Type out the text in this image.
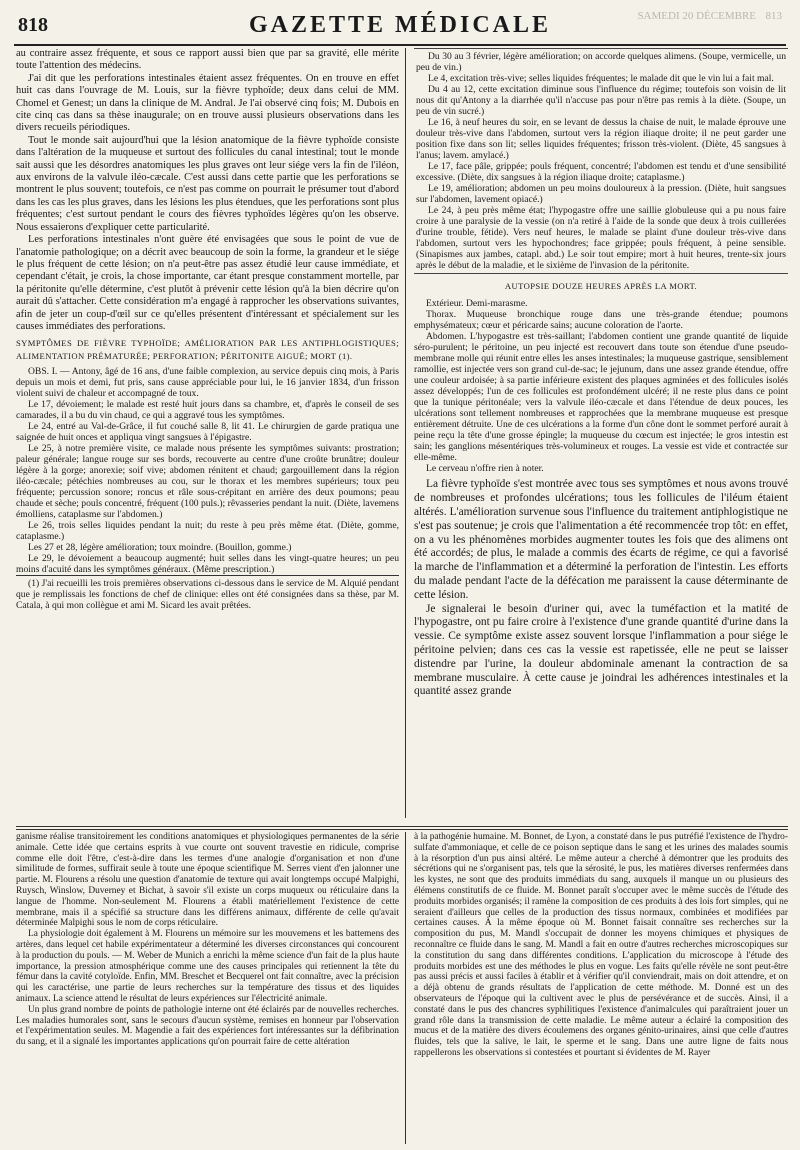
818	GAZETTE MÉDICALE	SAMEDI 20 DÉCEMBRE 813

au contraire assez fréquente, et sous ce rapport aussi bien que par sa gravité, elle mérite toute l'attention des médecins.

J'ai dit que les perforations intestinales étaient assez fréquentes. On en trouve en effet huit cas dans l'ouvrage de M. Louis, sur la fièvre typhoïde; deux dans celui de MM. Chomel et Genest; un dans la clinique de M. Andral. Je l'ai observé cinq fois; M. Dubois en cite cinq cas dans sa thèse inaugurale; on en trouve aussi plusieurs observations dans les divers recueils périodiques.

Tout le monde sait aujourd'hui que la lésion anatomique de la fièvre typhoïde consiste dans l'altération de la muqueuse et surtout des follicules du canal intestinal; tout le monde sait aussi que les désordres anatomiques les plus graves ont leur siége vers la fin de l'iléon, aux environs de la valvule iléo-cæcale. C'est aussi dans cette partie que les perforations se montrent le plus souvent; toutefois, ce n'est pas comme on pourrait le présumer tout d'abord dans les cas les plus graves, dans les lésions les plus étendues, que les perforations sont plus fréquentes; c'est surtout pendant le cours des fièvres typhoïdes légères qu'on les observe. Nous essaierons d'expliquer cette particularité.

Les perforations intestinales n'ont guère été envisagées que sous le point de vue de l'anatomie pathologique; on a décrit avec beaucoup de soin la forme, la grandeur et le siége le plus fréquent de cette lésion; on n'a peut-être pas assez étudié leur cause immédiate, et cependant c'était, je crois, la chose importante, car étant presque constamment mortelle, par la péritonite qu'elle détermine, c'est plutôt à prévenir cette lésion qu'à la bien décrire qu'on aurait dû s'attacher. Cette considération m'a engagé à rapprocher les observations suivantes, afin de jeter un coup-d'œil sur ce qu'elles présentent d'intéressant et spécialement sur les causes immédiates des perforations.

SYMPTÔMES DE FIÈVRE TYPHOÏDE; AMÉLIORATION PAR LES ANTIPHLOGISTIQUES; ALIMENTATION PRÉMATURÉE; PERFORATION; PÉRITONITE AIGUË; MORT (1).

OBS. I. — Antony, âgé de 16 ans, d'une faible complexion, au service depuis cinq mois, à Paris depuis un mois et demi, fut pris, sans cause appréciable pour lui, le 16 janvier 1834, d'un frisson violent suivi de chaleur et accompagné de toux.

Le 17, dévoiement; le malade est resté huit jours dans sa chambre, et, d'après le conseil de ses camarades, il a bu du vin chaud, ce qui a aggravé tous les symptômes.

Le 24, entré au Val-de-Grâce, il fut couché salle 8, lit 41. Le chirurgien de garde pratiqua une saignée de huit onces et appliqua vingt sangsues à l'épigastre.

Le 25, à notre première visite, ce malade nous présente les symptômes suivants: prostration; paleur générale; langue rouge sur ses bords, recouverte au centre d'une croûte brunâtre; douleur légère à la gorge; anorexie; soif vive; abdomen rénitent et chaud; gargouillement dans la région iléo-cæcale; pétéchies nombreuses au cou, sur le thorax et les membres supérieurs; toux peu fréquente; percussion sonore; roncus et râle sous-crépitant en arrière des deux poumons; peau chaude et sèche; pouls concentré, fréquent (100 puls.); rêvasseries pendant la nuit. (Diète, lavemens émolliens, cataplasme sur l'abdomen.)

Le 26, trois selles liquides pendant la nuit; du reste à peu près même état. (Diète, gomme, cataplasme.)

Les 27 et 28, légère amélioration; toux moindre. (Bouillon, gomme.)

Le 29, le dévoiement a beaucoup augmenté; huit selles dans les vingt-quatre heures; un peu moins d'acuité dans les symptômes généraux. (Même prescription.)

(1) J'ai recueilli les trois premières observations ci-dessous dans le service de M. Alquié pendant que je remplissais les fonctions de chef de clinique: elles ont été consignées dans sa thèse, par M. Catala, à qui mon collègue et ami M. Sicard les avait prêtées.

Du 30 au 3 février, légère amélioration; on accorde quelques alimens. (Soupe, vermicelle, un peu de vin.)

Le 4, excitation très-vive; selles liquides fréquentes; le malade dit que le vin lui a fait mal.

Du 4 au 12, cette excitation diminue sous l'influence du régime; toutefois son voisin de lit nous dit qu'Antony a la diarrhée qu'il n'accuse pas pour n'être pas remis à la diète. (Soupe, un peu de vin sucré.)

Le 16, à neuf heures du soir, en se levant de dessus la chaise de nuit, le malade éprouve une douleur très-vive dans l'abdomen, surtout vers la région iliaque droite; il ne peut garder une position fixe dans son lit; selles liquides fréquentes; frisson très-violent. (Diète, 45 sangsues à l'anus; lavem. amylacé.)

Le 17, face pâle, grippée; pouls fréquent, concentré; l'abdomen est tendu et d'une sensibilité excessive. (Diète, dix sangsues à la région iliaque droite; cataplasme.)

Le 19, amélioration; abdomen un peu moins douloureux à la pression. (Diète, huit sangsues sur l'abdomen, lavement opiacé.)

Le 24, à peu près même état; l'hypogastre offre une saillie globuleuse qui a pu nous faire croire à une paralysie de la vessie (on n'a retiré à l'aide de la sonde que deux à trois cuillerées d'urine trouble, fétide). Vers neuf heures, le malade se plaint d'une douleur très-vive dans l'abdomen, surtout vers les hypochondres; face grippée; pouls fréquent, à peine sensible. (Sinapismes aux jambes, catapl. abd.) Le soir tout empire; mort à huit heures, trente-six jours après le début de la maladie, et le sixième de l'invasion de la péritonite.

AUTOPSIE DOUZE HEURES APRÈS LA MORT.

Extérieur. Demi-marasme.

Thorax. Muqueuse bronchique rouge dans une très-grande étendue; poumons emphysémateux; cœur et péricarde sains; aucune coloration de l'aorte.

Abdomen. L'hypogastre est très-saillant; l'abdomen contient une grande quantité de liquide séro-purulent; le péritoine, un peu injecté est recouvert dans toute son étendue d'une pseudo-membrane molle qui réunit entre elles les anses intestinales; la muqueuse gastrique, sensiblement ramollie, est injectée vers son grand cul-de-sac; le jejunum, dans une assez grande étendue, offre une couleur ardoisée; à sa partie inférieure existent des plaques agminées et des follicules isolés assez développés; l'un de ces follicules est profondément ulcéré; il ne reste plus dans ce point que la tunique péritonéale; vers la valvule iléo-cæcale et dans l'étendue de deux pouces, les ulcérations sont tellement nombreuses et rapprochées que la membrane muqueuse est presque entièrement détruite. Une de ces ulcérations a la forme d'un cône dont le sommet perforé aurait à peine reçu la tête d'une grosse épingle; la muqueuse du cœcum est injectée; le gros intestin est sain; les ganglions mésentériques très-volumineux et rouges. La vessie est vide et contractée sur elle-même.

Le cerveau n'offre rien à noter.

La fièvre typhoïde s'est montrée avec tous ses symptômes et nous avons trouvé de nombreuses et profondes ulcérations; tous les follicules de l'iléum étaient altérés. L'amélioration survenue sous l'influence du traitement antiphlogistique ne s'est pas soutenue; je crois que l'alimentation a été recommencée trop tôt: en effet, on a vu les phénomènes morbides augmenter toutes les fois que des alimens ont été accordés; de plus, le malade a commis des écarts de régime, ce qui a favorisé la marche de l'inflammation et a déterminé la perforation de l'intestin. Les efforts du malade pendant l'acte de la défécation me paraissent la cause déterminante de cette lésion.

Je signalerai le besoin d'uriner qui, avec la tuméfaction et la matité de l'hypogastre, ont pu faire croire à l'existence d'une grande quantité d'urine dans la vessie. Ce symptôme existe assez souvent lorsque l'inflammation a pour siége le péritoine pelvien; dans ces cas la vessie est rapetissée, elle ne peut se laisser distendre par l'urine, la douleur abdominale amenant la contraction de sa membrane musculaire. À cette cause je joindrai les adhérences intestinales et la quantité assez grande

ganisme réalise transitoirement les conditions anatomiques et physiologiques permanentes de la série animale. Cette idée que certains esprits à vue courte ont souvent travestie en ridicule, comprise comme elle doit l'être, c'est-à-dire dans les termes d'une analogie d'organisation et non d'une similitude de formes, suffirait seule à toute une époque scientifique M. Serres vient d'en jalonner une partie. M. Flourens a résolu une question d'anatomie de texture qui avait longtemps occupé Malpighi, Ruysch, Winslow, Duverney et Bichat, à savoir s'il existe un corps muqueux ou réticulaire dans la langue de l'homme. Non-seulement M. Flourens a établi matériellement l'existence de cette membrane, mais il a spécifié sa structure dans les différens animaux, différente de celle qu'avait déterminée Malpighi sous le nom de corps réticulaire.

La physiologie doit également à M. Flourens un mémoire sur les mouvemens et les battemens des artères, dans lequel cet habile expérimentateur a déterminé les diverses circonstances qui concourent à la production du pouls. — M. Weber de Munich a enrichi la même science d'un fait de la plus haute importance, la pression atmosphérique comme une des causes principales qui retiennent la tête du fémur dans la cavité cotyloïde. Enfin, MM. Breschet et Becquerel ont fait connaître, avec la précision qui les caractérise, une partie de leurs recherches sur la température des tissus et des liquides animaux. La science attend le résultat de leurs expériences sur l'électricité animale.

Un plus grand nombre de points de pathologie interne ont été éclairés par de nouvelles recherches. Les maladies humorales sont, sans le secours d'aucun système, remises en honneur par l'observation et l'expérimentation seules. M. Magendie a fait des expériences fort intéressantes sur la défibrination du sang, et il a signalé les importantes applications qu'on pourrait faire de cette altération

à la pathogénie humaine. M. Bonnet, de Lyon, a constaté dans le pus putréfié l'existence de l'hydro-sulfate d'ammoniaque, et celle de ce poison septique dans le sang et les urines des malades soumis à la résorption d'un pus ainsi altéré. Le même auteur a cherché à démontrer que les produits des sécrétions qui ne s'organisent pas, tels que la sérosité, le pus, les matières diverses renfermées dans les kystes, ne sont que des produits immédiats du sang, auxquels il manque un ou plusieurs des élémens constitutifs de ce fluide. M. Bonnet paraît s'occuper avec le même succès de l'étude des produits morbides organisés; il ramène la composition de ces produits à des lois fort simples, qui ne seraient d'ailleurs que celles de la production des tissus normaux, combinées et modifiées par certaines causes. À la même époque où M. Bonnet faisait connaître ses recherches sur la composition du pus, M. Mandl s'occupait de donner les moyens chimiques et physiques de reconnaître ce fluide dans le sang. M. Mandl a fait en outre d'autres recherches microscopiques sur la constitution du sang dans différentes conditions. L'application du microscope à l'étude des produits morbides est une des méthodes le plus en vogue. Les faits qu'elle révèle ne sont peut-être pas aussi précis et aussi faciles à établir et à vérifier qu'il conviendrait, mais on doit attendre, et on a déjà obtenu de grands résultats de l'application de cette méthode. M. Donné est un des observateurs de l'époque qui la cultivent avec le plus de persévérance et de succès. Ainsi, il a constaté dans le pus des chancres syphilitiques l'existence d'animalcules qui paraîtraient jouer un grand rôle dans la transmission de cette maladie. Le même auteur a éclairé la composition des mucus et de la matière des divers écoulemens des organes génito-urinaires, ainsi que celle d'autres fluides, tels que la salive, le lait, le sperme et le sang. Dans une autre ligne de faits nous rappellerons les observations si contestées et pourtant si évidentes de M. Rayer
